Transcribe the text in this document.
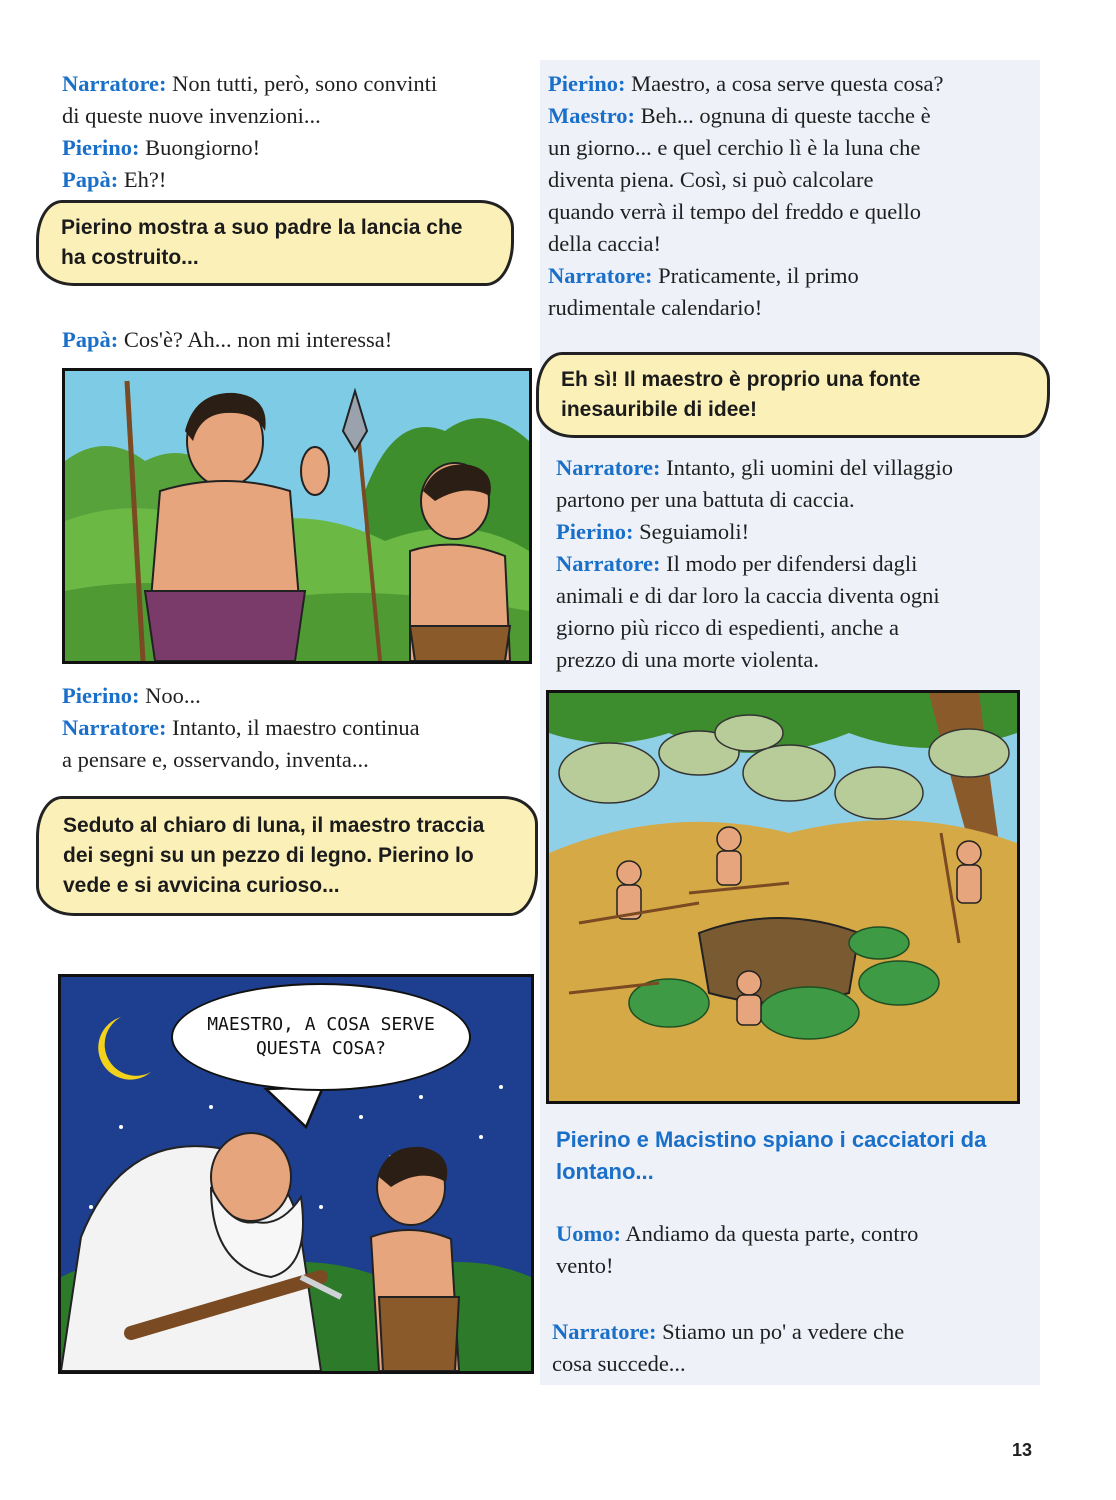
Narratore: Non tutti, però, sono convinti

di queste nuove invenzioni...

Pierino: Buongiorno!

Papà: Eh?!

Pierino mostra a suo padre la lancia che ha costruito...

Papà: Cos'è? Ah... non mi interessa!

Pierino: Noo...

Narratore: Intanto, il maestro continua

a pensare e, osservando, inventa...

Seduto al chiaro di luna, il maestro traccia dei segni su un pezzo di legno. Pierino lo vede e si avvicina curioso...
MAESTRO, A COSA SERVE QUESTA COSA?

Pierino: Maestro, a cosa serve questa cosa?

Maestro: Beh... ognuna di queste tacche è

un giorno... e quel cerchio lì è la luna che

diventa piena. Così, si può calcolare

quando verrà il tempo del freddo e quello

della caccia!

Narratore: Praticamente, il primo

rudimentale calendario!

Eh sì! Il maestro è proprio una fonte inesauribile di idee!

Narratore: Intanto, gli uomini del villaggio

partono per una battuta di caccia.

Pierino: Seguiamoli!

Narratore: Il modo per difendersi dagli

animali e di dar loro la caccia diventa ogni

giorno più ricco di espedienti, anche a

prezzo di una morte violenta.

Pierino e Macistino spiano i cacciatori da lontano...

Uomo: Andiamo da questa parte, contro

vento!

Narratore: Stiamo un po' a vedere che

cosa succede...

13
